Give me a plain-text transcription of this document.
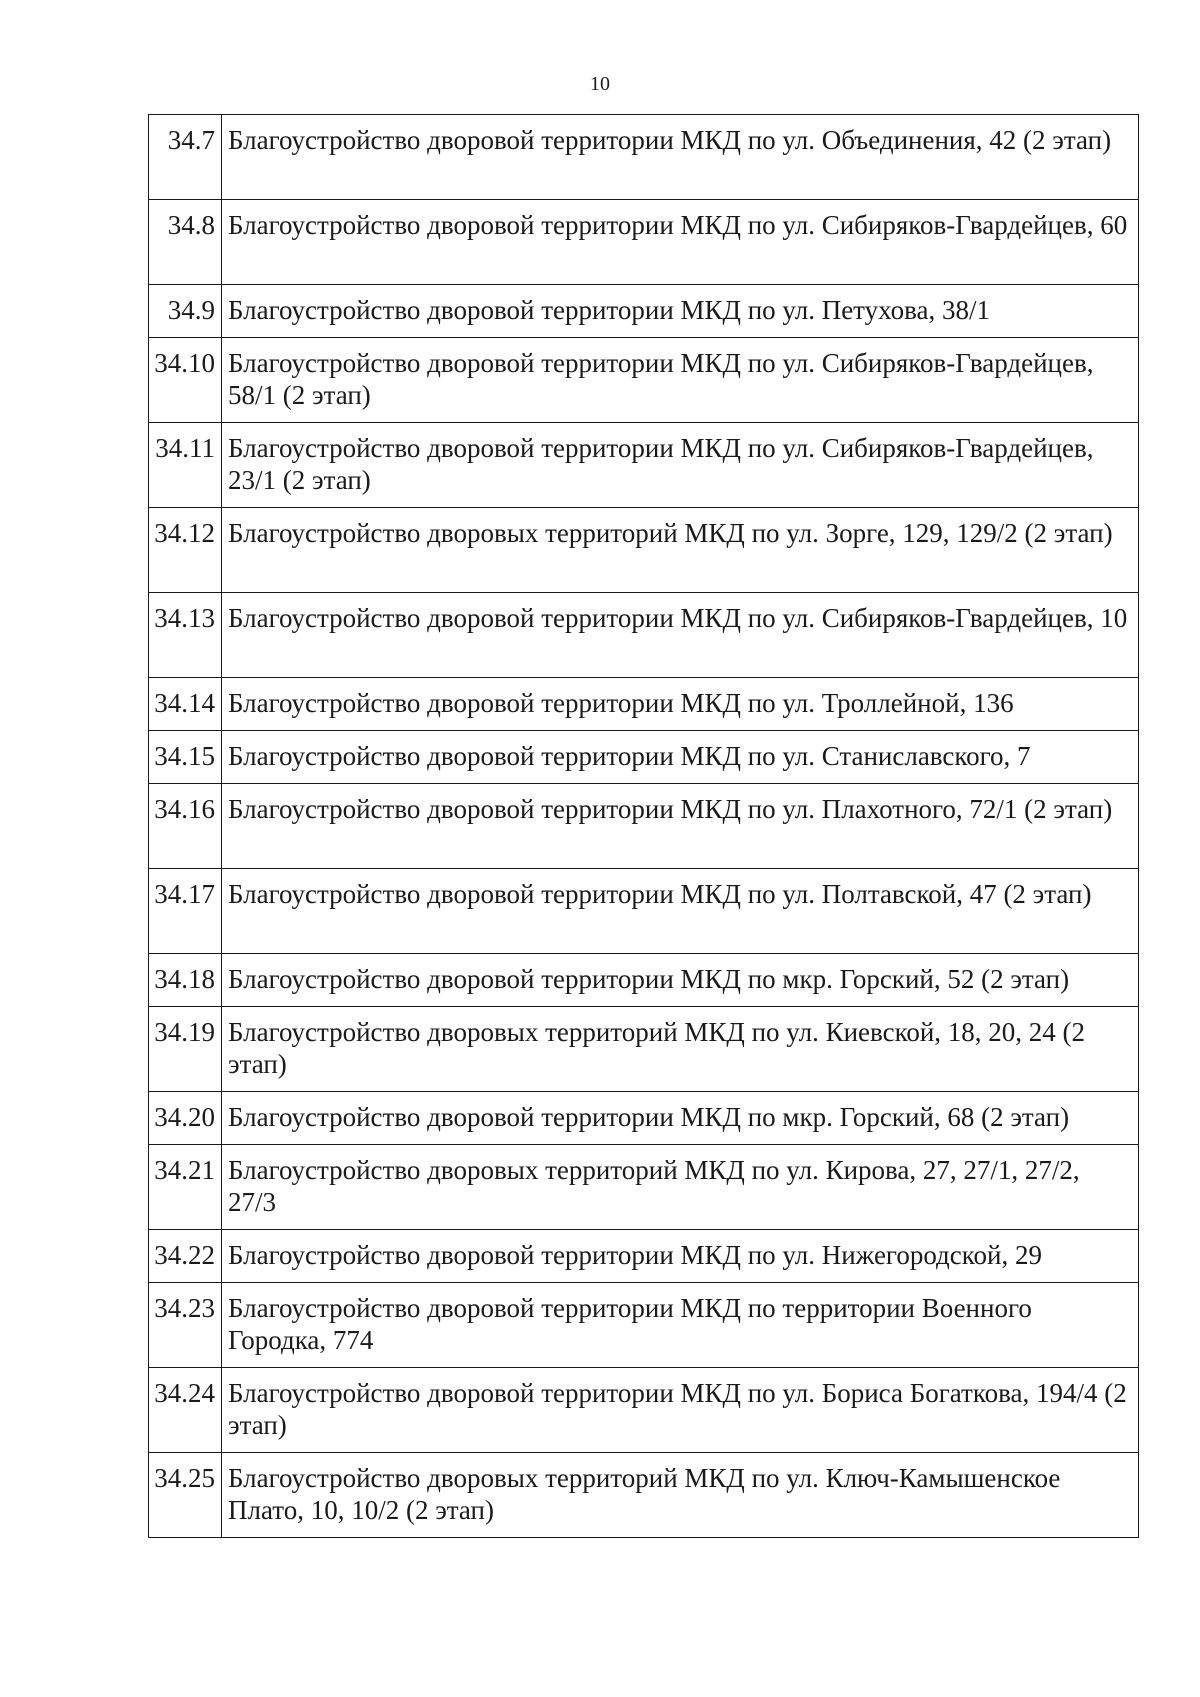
10
34.7	Благоустройство дворовой территории МКД по ул. Объединения, 42 (2 этап)
34.8	Благоустройство дворовой территории МКД по ул. Сибиряков-Гвардейцев, 60
34.9	Благоустройство дворовой территории МКД по ул. Петухова, 38/1
34.10	Благоустройство дворовой территории МКД по ул. Сибиряков-Гвардейцев, 58/1 (2 этап)
34.11	Благоустройство дворовой территории МКД по ул. Сибиряков-Гвардейцев, 23/1 (2 этап)
34.12	Благоустройство дворовых территорий МКД по ул. Зорге, 129, 129/2 (2 этап)
34.13	Благоустройство дворовой территории МКД по ул. Сибиряков-Гвардейцев, 10
34.14	Благоустройство дворовой территории МКД по ул. Троллейной, 136
34.15	Благоустройство дворовой территории МКД по ул. Станиславского, 7
34.16	Благоустройство дворовой территории МКД по ул. Плахотного, 72/1 (2 этап)
34.17	Благоустройство дворовой территории МКД по ул. Полтавской, 47 (2 этап)
34.18	Благоустройство дворовой территории МКД по мкр. Горский, 52 (2 этап)
34.19	Благоустройство дворовых территорий МКД по ул. Киевской, 18, 20, 24 (2 этап)
34.20	Благоустройство дворовой территории МКД по мкр. Горский, 68 (2 этап)
34.21	Благоустройство дворовых территорий МКД по ул. Кирова, 27, 27/1, 27/2, 27/3
34.22	Благоустройство дворовой территории МКД по ул. Нижегородской, 29
34.23	Благоустройство дворовой территории МКД по территории Военного Городка, 774
34.24	Благоустройство дворовой территории МКД по ул. Бориса Богаткова, 194/4 (2 этап)
34.25	Благоустройство дворовых территорий МКД по ул. Ключ-Камышенское Плато, 10, 10/2 (2 этап)
